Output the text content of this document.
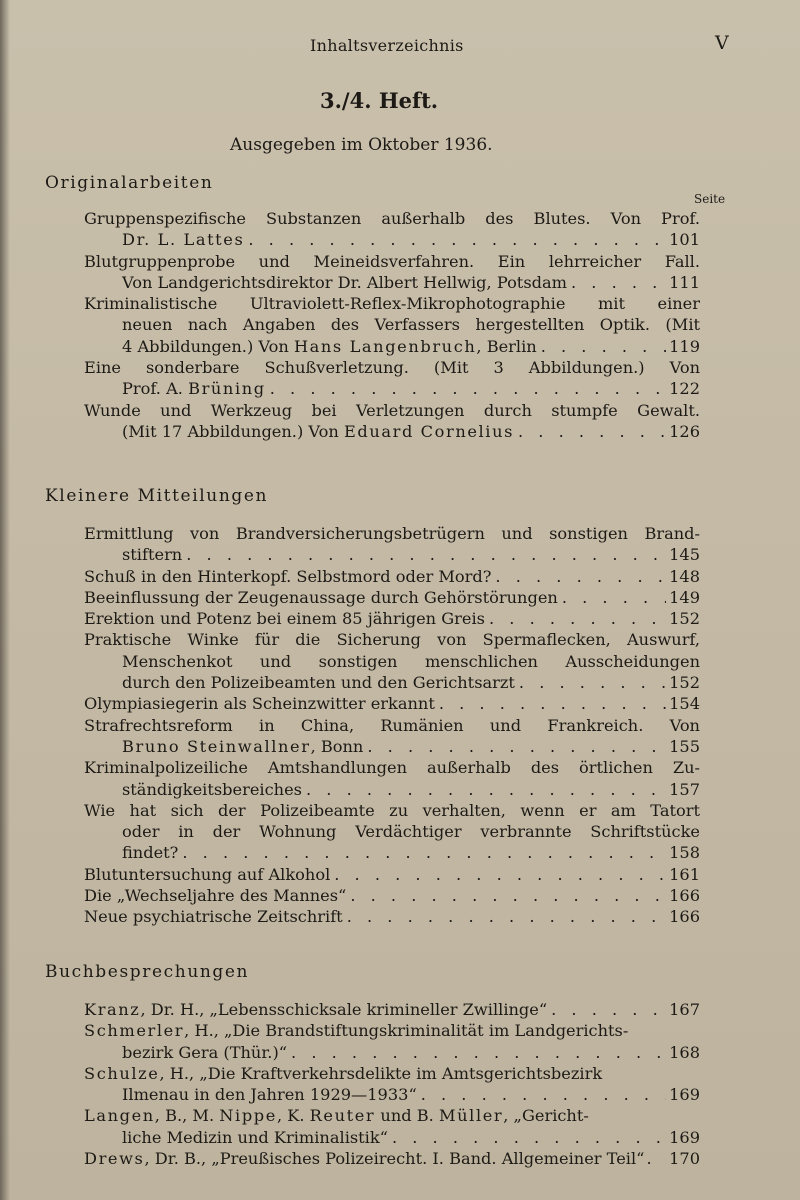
Inhaltsverzeichnis	V
3./4. Heft.
Ausgegeben im Oktober 1936.
Originalarbeiten
Seite
Gruppenspezifische Substanzen außerhalb des Blutes. Von Prof.
Dr. L. Lattes . . .	101
Blutgruppenprobe und Meineidsverfahren. Ein lehrreicher Fall.
Von Landgerichtsdirektor Dr. Albert Hellwig, Potsdam . . .	111
Kriminalistische Ultraviolett-Reflex-Mikrophotographie mit einer
neuen nach Angaben des Verfassers hergestellten Optik. (Mit
4 Abbildungen.) Von
Hans Langenbruch , Berlin . . .	119
Eine sonderbare Schußverletzung. (Mit 3 Abbildungen.) Von
Prof. A.
Brüning . . .	122
Wunde und Werkzeug bei Verletzungen durch stumpfe Gewalt.
(Mit 17 Abbildungen.) Von
Eduard Cornelius . . .	126
Kleinere Mitteilungen
Ermittlung von Brandversicherungsbetrügern und sonstigen Brand-
stiftern . . .	145
Schuß in den Hinterkopf. Selbstmord oder Mord? . . .	148
Beeinflussung der Zeugenaussage durch Gehörstörungen . . .	149
Erektion und Potenz bei einem 85 jährigen Greis . . .	152
Praktische Winke für die Sicherung von Spermaflecken, Auswurf,
Menschenkot und sonstigen menschlichen Ausscheidungen
durch den Polizeibeamten und den Gerichtsarzt . . .	152
Olympiasiegerin als Scheinzwitter erkannt . . .	154
Strafrechtsreform in China, Rumänien und Frankreich. Von
Bruno Steinwallner , Bonn . . .	155
Kriminalpolizeiliche Amtshandlungen außerhalb des örtlichen Zu-
ständigkeitsbereiches . . .	157
Wie hat sich der Polizeibeamte zu verhalten, wenn er am Tatort
oder in der Wohnung Verdächtiger verbrannte Schriftstücke
findet? . . .	158
Blutuntersuchung auf Alkohol . . .	161
Die „Wechseljahre des Mannes“ . . .	166
Neue psychiatrische Zeitschrift . . .	166
Buchbesprechungen
Kranz , Dr. H., „Lebensschicksale krimineller Zwillinge“ . . .	167
Schmerler , H., „Die Brandstiftungskriminalität im Landgerichts-
bezirk Gera (Thür.)“ . . .	168
Schulze , H., „Die Kraftverkehrsdelikte im Amtsgerichtsbezirk
Ilmenau in den Jahren 1929—1933“ . . .	169
Langen , B., M.
Nippe , K.
Reuter
und B.
Müller , „Gericht-
liche Medizin und Kriminalistik“ . . .	169
Drews , Dr. B., „Preußisches Polizeirecht. I. Band. Allgemeiner Teil“ . . . 170
